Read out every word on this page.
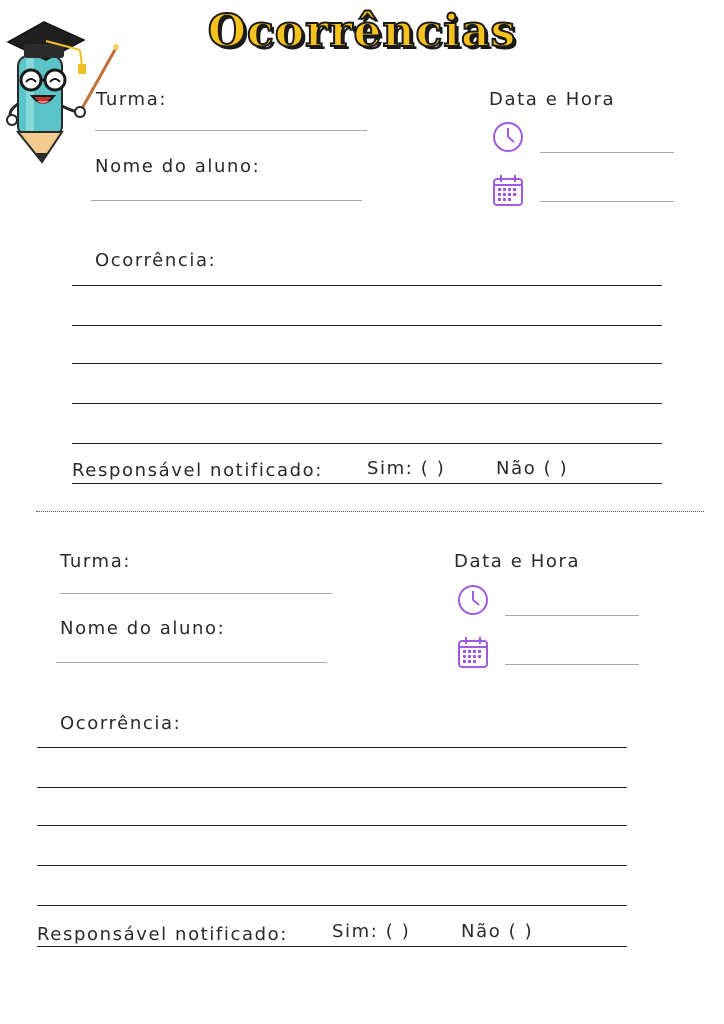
Ocorrências
Turma:
Nome do aluno:
Data e Hora
Ocorrência:
Responsável notificado: Sim: ( )	Não ( )
Turma:
Nome do aluno:
Data e Hora
Ocorrência:
Responsável notificado: Sim: ( )	Não ( )
